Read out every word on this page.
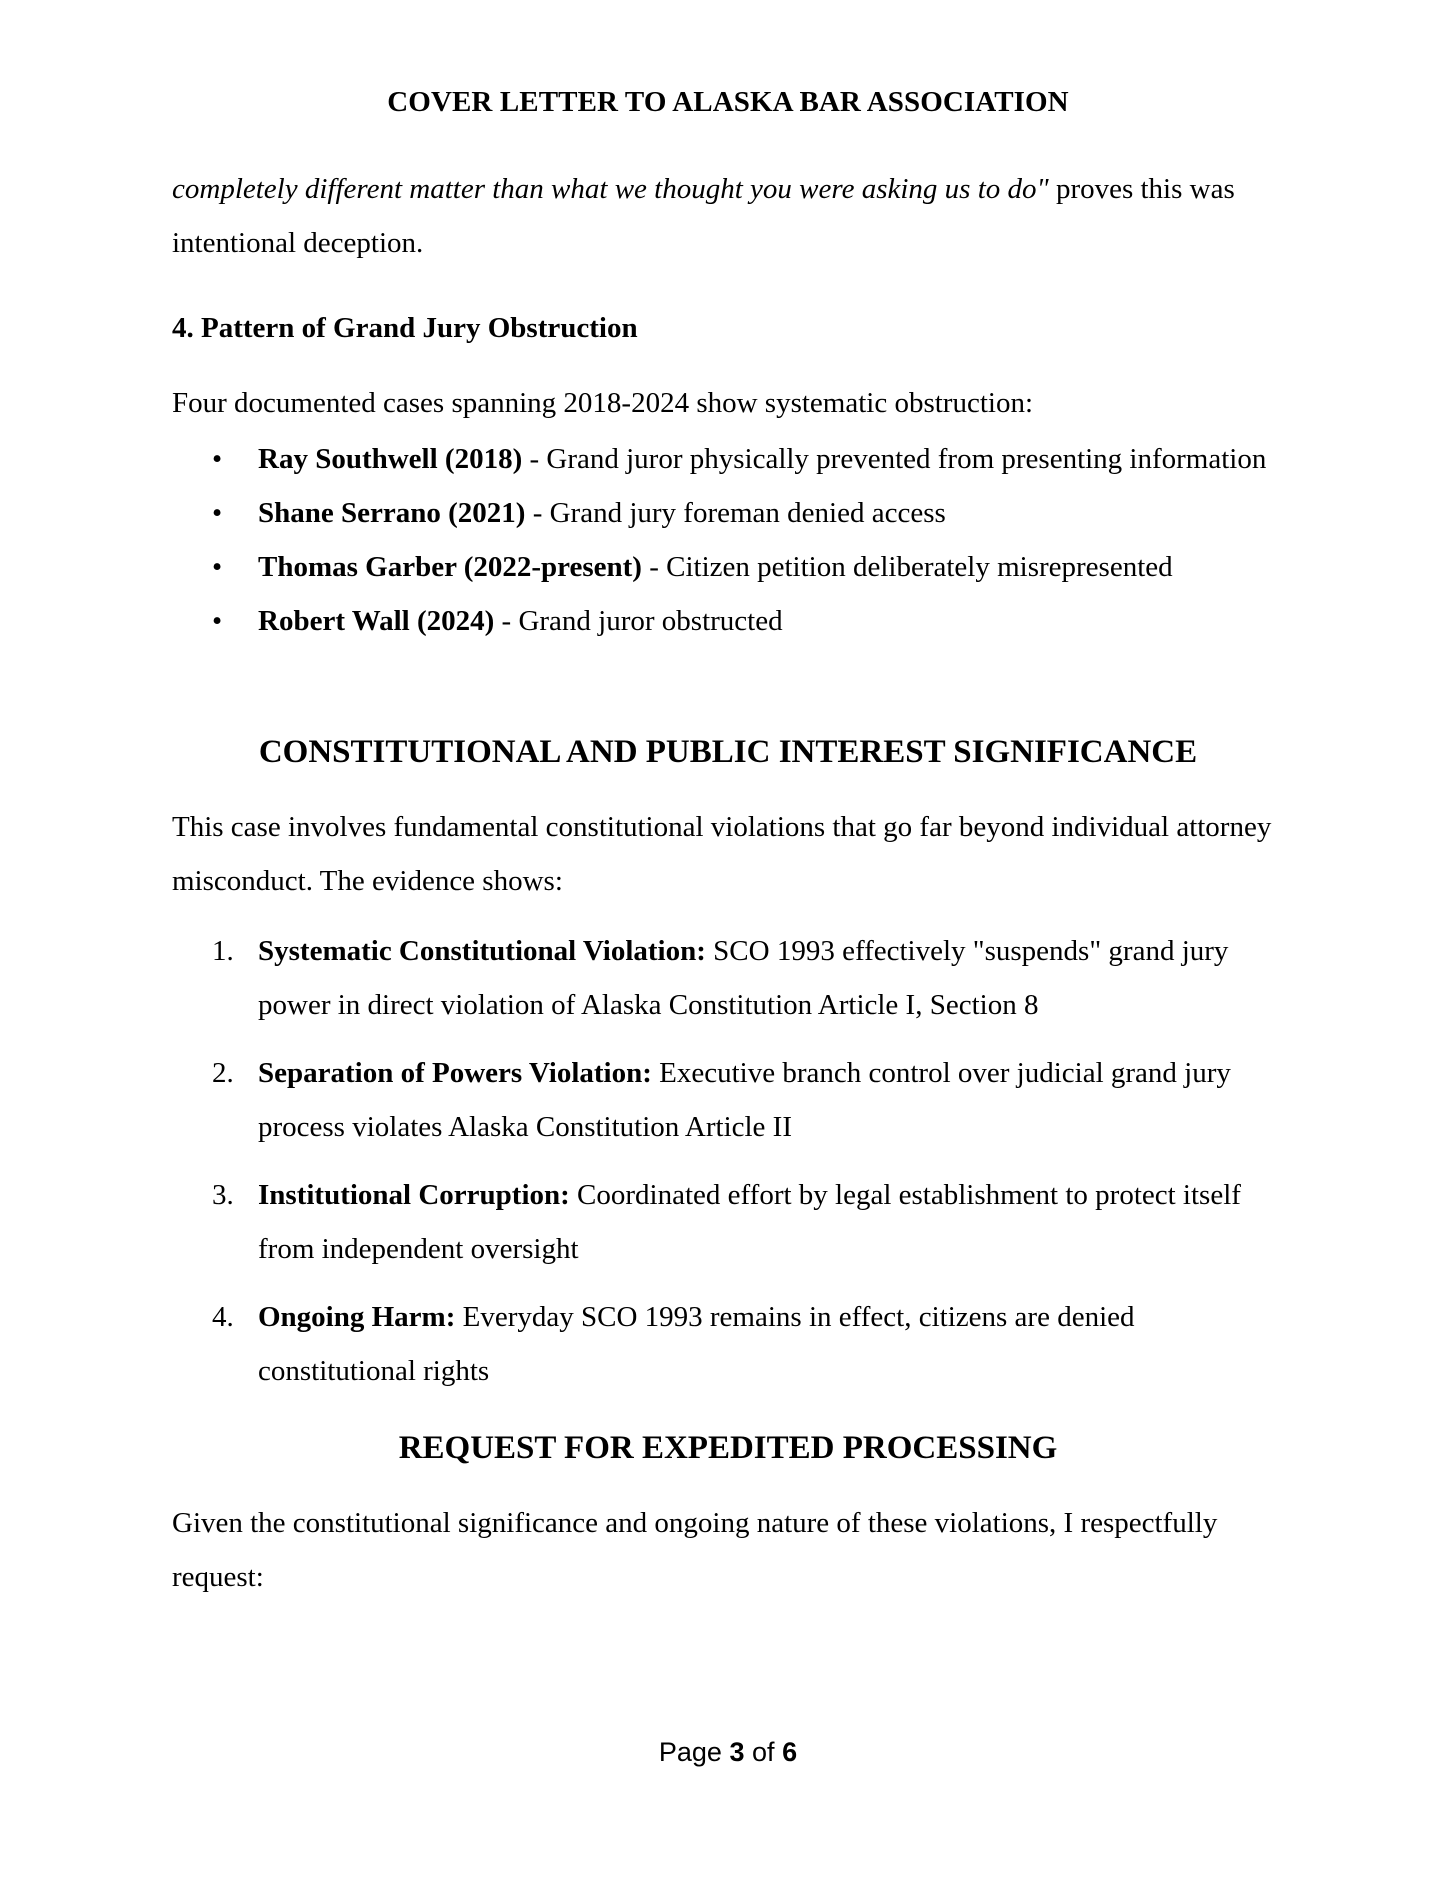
COVER LETTER TO ALASKA BAR ASSOCIATION
completely different matter than what we thought you were asking us to do" proves this was intentional deception.
4. Pattern of Grand Jury Obstruction
Four documented cases spanning 2018-2024 show systematic obstruction:
• Ray Southwell (2018) - Grand juror physically prevented from presenting information
• Shane Serrano (2021) - Grand jury foreman denied access
• Thomas Garber (2022-present) - Citizen petition deliberately misrepresented
• Robert Wall (2024) - Grand juror obstructed
CONSTITUTIONAL AND PUBLIC INTEREST SIGNIFICANCE
This case involves fundamental constitutional violations that go far beyond individual attorney misconduct. The evidence shows:
1. Systematic Constitutional Violation: SCO 1993 effectively "suspends" grand jury power in direct violation of Alaska Constitution Article I, Section 8
2. Separation of Powers Violation: Executive branch control over judicial grand jury process violates Alaska Constitution Article II
3. Institutional Corruption: Coordinated effort by legal establishment to protect itself from independent oversight
4. Ongoing Harm: Everyday SCO 1993 remains in effect, citizens are denied constitutional rights
REQUEST FOR EXPEDITED PROCESSING
Given the constitutional significance and ongoing nature of these violations, I respectfully request:
Page 3 of 6
